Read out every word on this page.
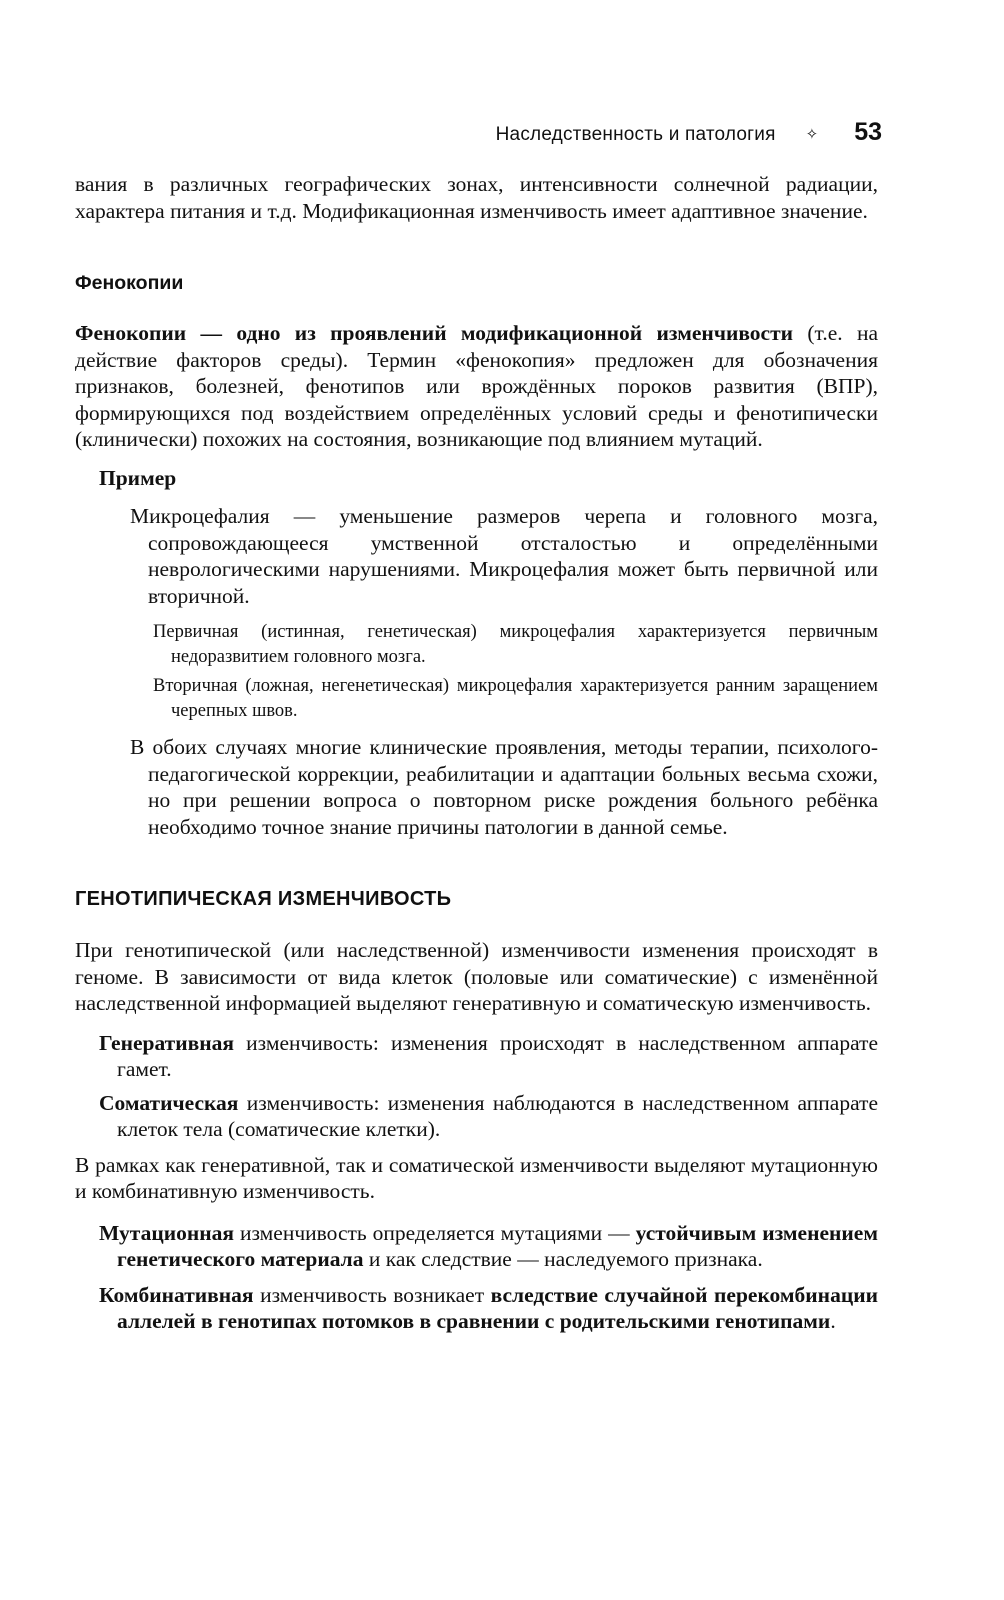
Наследственность и патология ✧ 53

вания в различных географических зонах, интенсивности солнечной радиации, характера питания и т.д. Модификационная изменчивость имеет адаптивное значение.

Фенокопии

Фенокопии — одно из проявлений модификационной изменчивости (т.е. на действие факторов среды). Термин «фенокопия» предложен для обозначения признаков, болезней, фенотипов или врождённых пороков развития (ВПР), формирующихся под воздействием определённых условий среды и фенотипически (клинически) похожих на состояния, возникающие под влиянием мутаций.

Пример

Микроцефалия — уменьшение размеров черепа и головного мозга, сопровождающееся умственной отсталостью и определёнными неврологическими нарушениями. Микроцефалия может быть первичной или вторичной.

Первичная (истинная, генетическая) микроцефалия характеризуется первичным недоразвитием головного мозга.

Вторичная (ложная, негенетическая) микроцефалия характеризуется ранним заращением черепных швов.

В обоих случаях многие клинические проявления, методы терапии, психолого-педагогической коррекции, реабилитации и адаптации больных весьма схожи, но при решении вопроса о повторном риске рождения больного ребёнка необходимо точное знание причины патологии в данной семье.

ГЕНОТИПИЧЕСКАЯ ИЗМЕНЧИВОСТЬ

При генотипической (или наследственной) изменчивости изменения происходят в геноме. В зависимости от вида клеток (половые или соматические) с изменённой наследственной информацией выделяют генеративную и соматическую изменчивость.

Генеративная изменчивость: изменения происходят в наследственном аппарате гамет.

Соматическая изменчивость: изменения наблюдаются в наследственном аппарате клеток тела (соматические клетки).

В рамках как генеративной, так и соматической изменчивости выделяют мутационную и комбинативную изменчивость.

Мутационная изменчивость определяется мутациями — устойчивым изменением генетического материала и как следствие — наследуемого признака.

Комбинативная изменчивость возникает вследствие случайной перекомбинации аллелей в генотипах потомков в сравнении с родительскими генотипами.
